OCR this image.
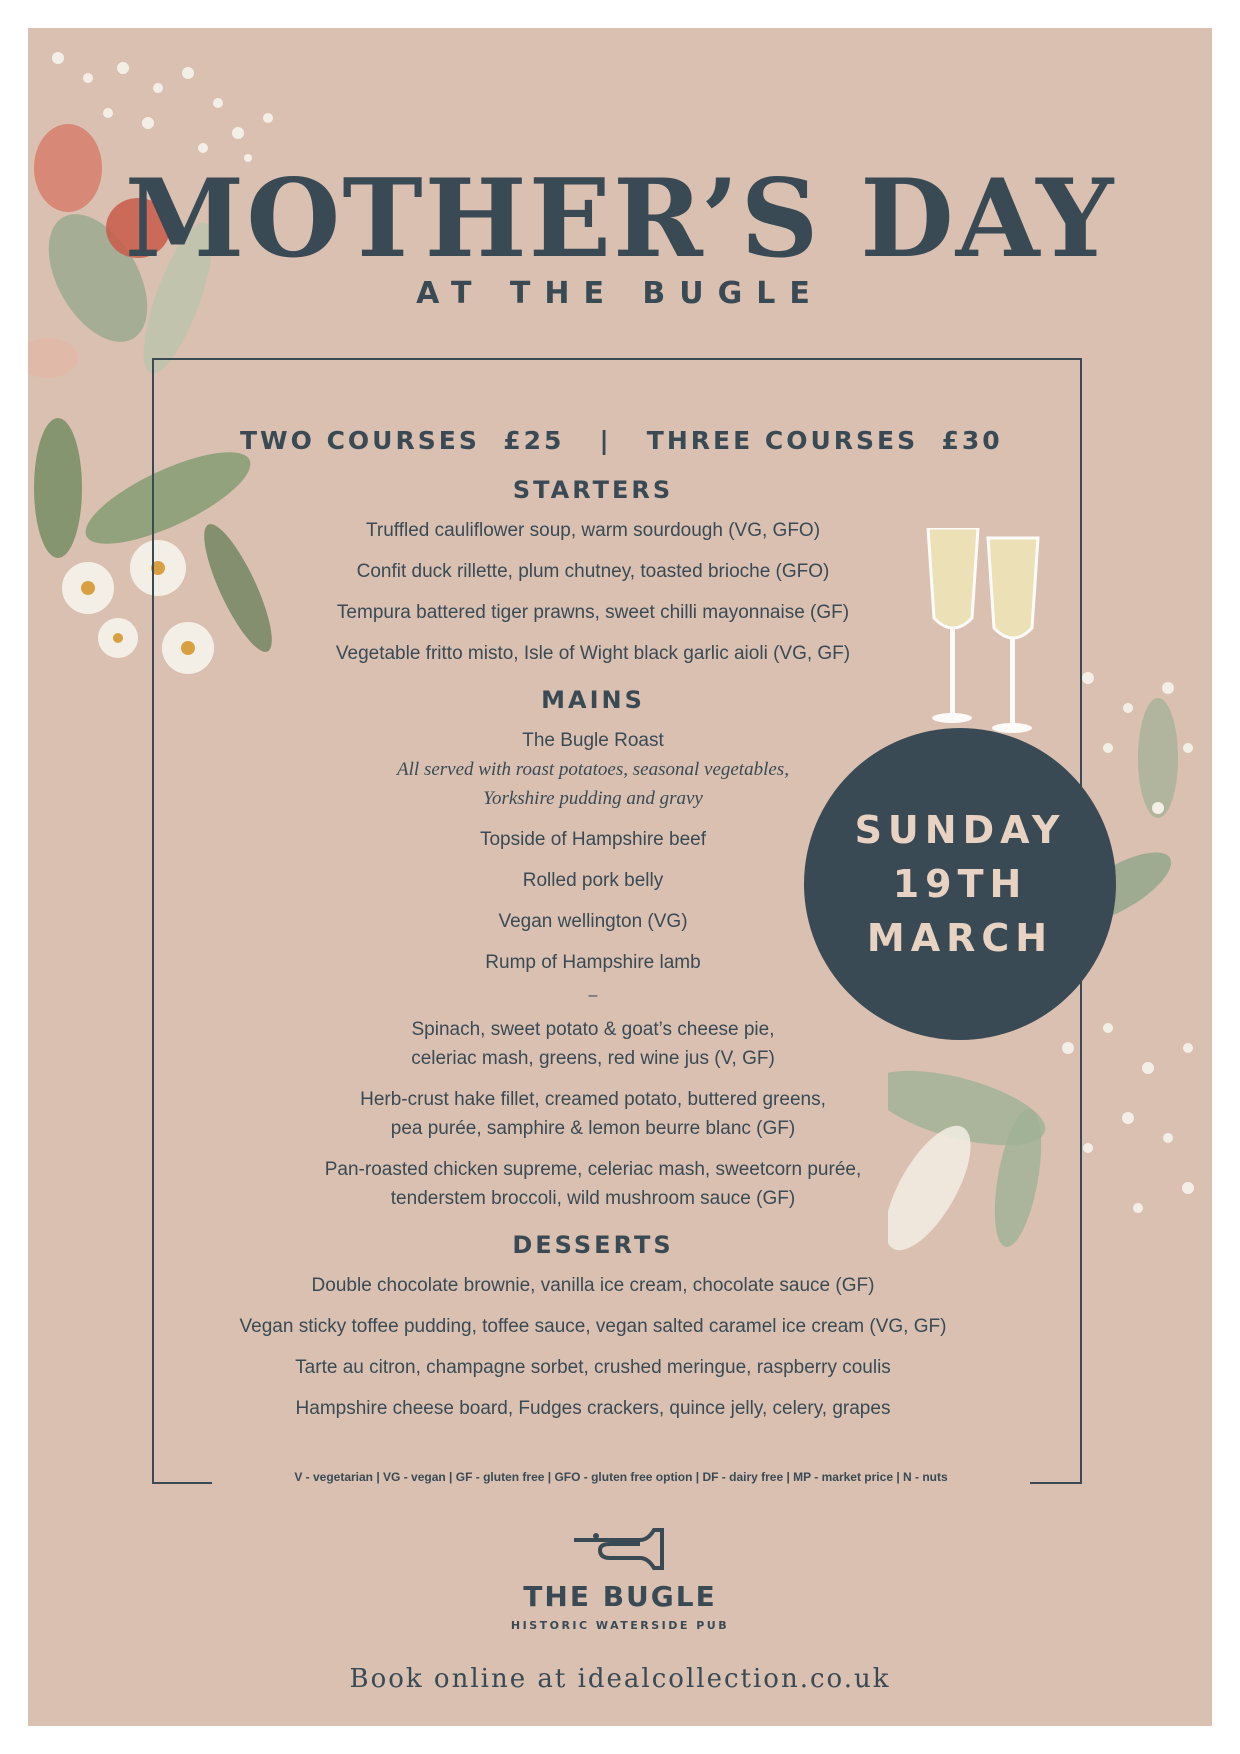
MOTHER’S DAY
AT THE BUGLE
V - vegetarian | VG - vegan | GF - gluten free | GFO - gluten free option | DF - dairy free | MP - market price | N - nuts
TWO COURSES  £25   |   THREE COURSES  £30
STARTERS
Truffled cauliflower soup, warm sourdough (VG, GFO)
Confit duck rillette, plum chutney, toasted brioche (GFO)
Tempura battered tiger prawns, sweet chilli mayonnaise (GF)
Vegetable fritto misto, Isle of Wight black garlic aioli (VG, GF)
MAINS
The Bugle Roast
All served with roast potatoes, seasonal vegetables,
Yorkshire pudding and gravy
Topside of Hampshire beef
Rolled pork belly
Vegan wellington (VG)
Rump of Hampshire lamb
–
Spinach, sweet potato & goat’s cheese pie,
celeriac mash, greens, red wine jus (V, GF)
Herb-crust hake fillet, creamed potato, buttered greens,
pea purée, samphire & lemon beurre blanc (GF)
Pan-roasted chicken supreme, celeriac mash, sweetcorn purée,
tenderstem broccoli, wild mushroom sauce (GF)
DESSERTS
Double chocolate brownie, vanilla ice cream, chocolate sauce (GF)
Vegan sticky toffee pudding, toffee sauce, vegan salted caramel ice cream (VG, GF)
Tarte au citron, champagne sorbet, crushed meringue, raspberry coulis
Hampshire cheese board, Fudges crackers, quince jelly, celery, grapes
SUNDAY
19TH
MARCH
THE BUGLE
HISTORIC WATERSIDE PUB
Book online at idealcollection.co.uk
